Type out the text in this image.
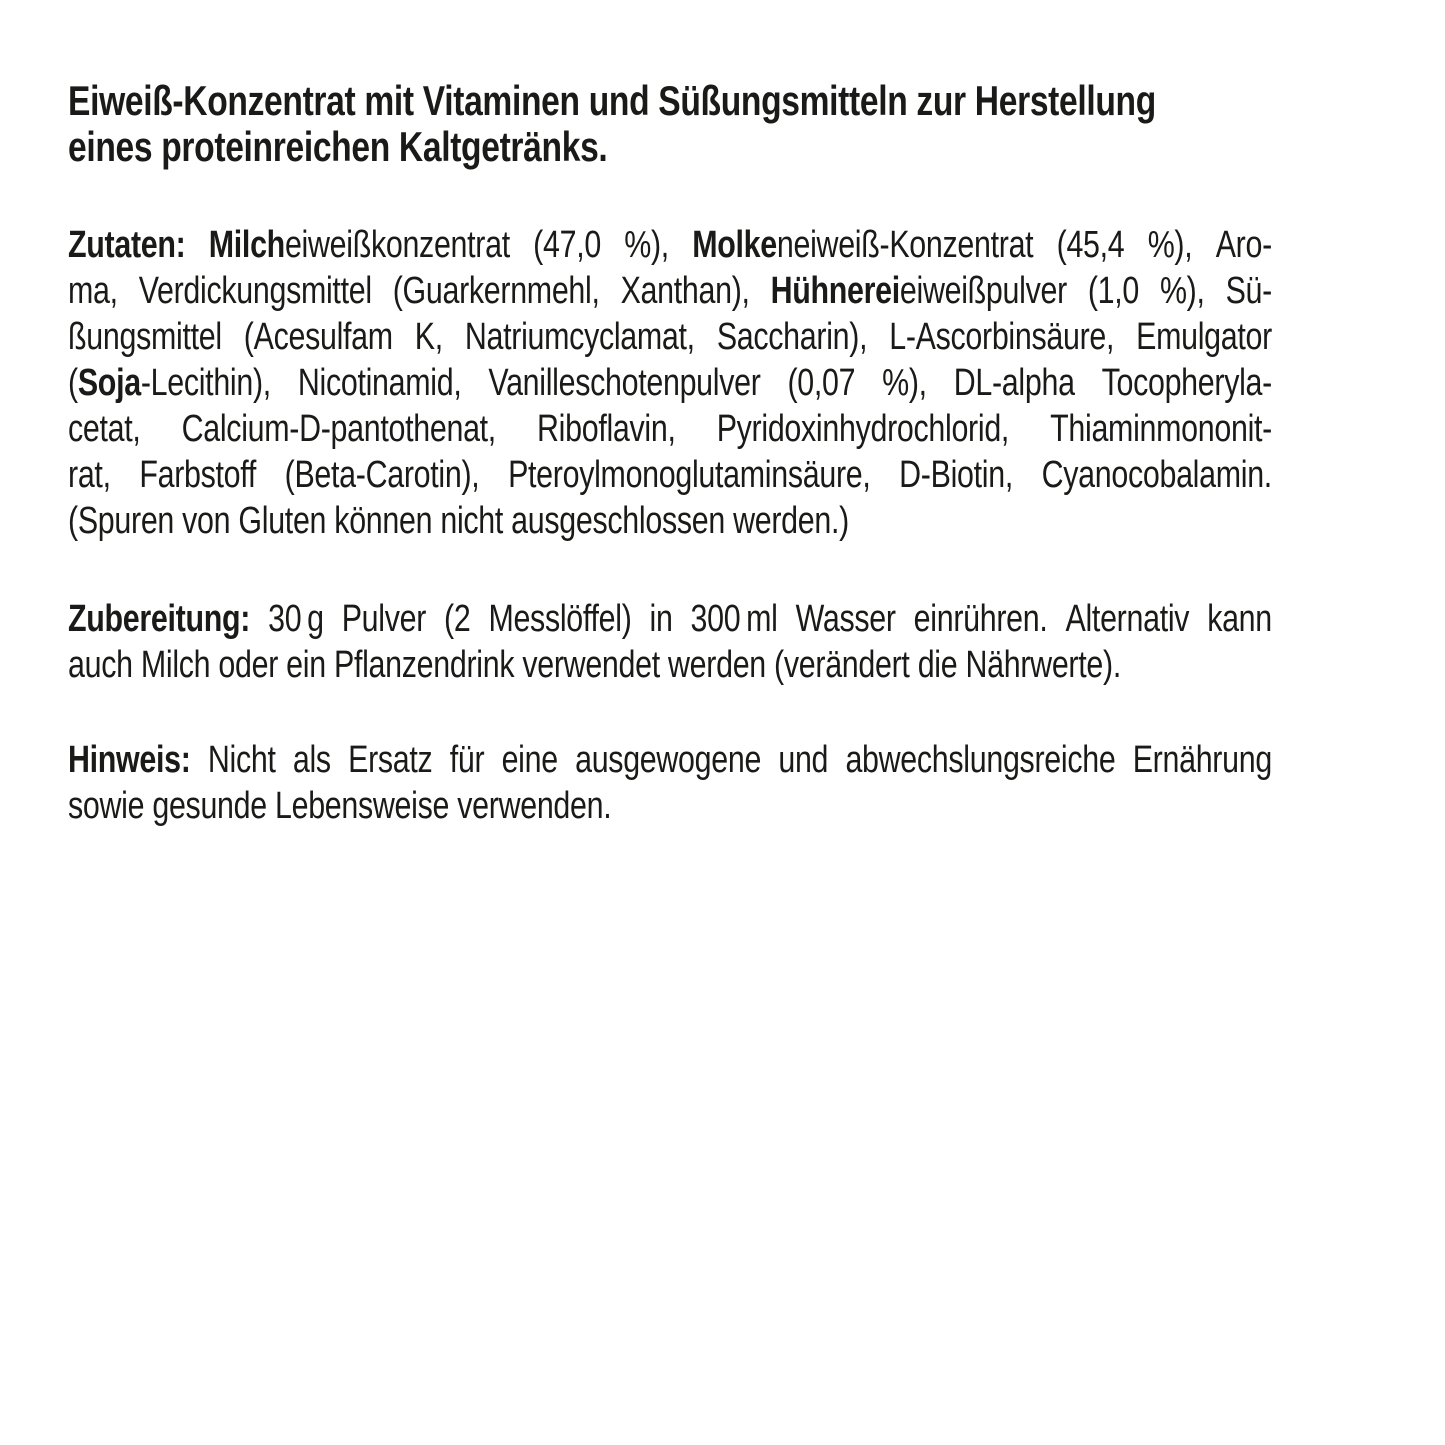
Eiweiß-Konzentrat mit Vitaminen und Süßungsmitteln zur Herstellung
eines proteinreichen Kaltgetränks.
Zutaten: Milcheiweißkonzentrat (47,0 %), Molkeneiweiß-Konzentrat (45,4 %), Aro-
ma, Verdickungsmittel (Guarkernmehl, Xanthan), Hühnereieiweißpulver (1,0 %), Sü-
ßungsmittel (Acesulfam K, Natriumcyclamat, Saccharin), L-Ascorbinsäure, Emulgator
(Soja-Lecithin), Nicotinamid, Vanilleschotenpulver (0,07 %), DL-alpha Tocopheryla-
cetat, Calcium-D-pantothenat, Riboflavin, Pyridoxinhydrochlorid, Thiaminmononit-
rat, Farbstoff (Beta-Carotin), Pteroylmonoglutaminsäure, D-Biotin, Cyanocobalamin.
(Spuren von Gluten können nicht ausgeschlossen werden.)
Zubereitung: 30 g Pulver (2 Messlöffel) in 300 ml Wasser einrühren. Alternativ kann
auch Milch oder ein Pflanzendrink verwendet werden (verändert die Nährwerte).
Hinweis: Nicht als Ersatz für eine ausgewogene und abwechslungsreiche Ernährung
sowie gesunde Lebensweise verwenden.
